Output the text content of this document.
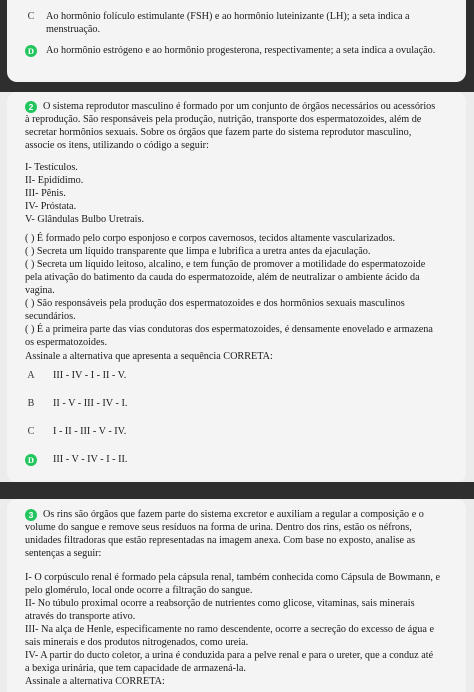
C Ao hormônio folículo estimulante (FSH) e ao hormônio luteinizante (LH); a seta indica a
menstruação.
D Ao hormônio estrógeno e ao hormônio progesterona, respectivamente; a seta indica a ovulação.
2 O sistema reprodutor masculino é formado por um conjunto de órgãos necessários ou acessórios
à reprodução. São responsáveis pela produção, nutrição, transporte dos espermatozoides, além de
secretar hormônios sexuais. Sobre os órgãos que fazem parte do sistema reprodutor masculino,
associe os itens, utilizando o código a seguir:
I- Testículos.
II- Epidídimo.
III- Pênis.
IV- Próstata.
V- Glândulas Bulbo Uretrais.
( ) É formado pelo corpo esponjoso e corpos cavernosos, tecidos altamente vascularizados.
( ) Secreta um líquido transparente que limpa e lubrifica a uretra antes da ejaculação.
( ) Secreta um líquido leitoso, alcalino, e tem função de promover a motilidade do espermatozoide
pela ativação do batimento da cauda do espermatozoide, além de neutralizar o ambiente ácido da
vagina.
( ) São responsáveis pela produção dos espermatozoides e dos hormônios sexuais masculinos
secundários.
( ) É a primeira parte das vias condutoras dos espermatozoides, é densamente enovelado e armazena
os espermatozoides.
Assinale a alternativa que apresenta a sequência CORRETA:
A III - IV - I - II - V.
B II - V - III - IV - I.
C I - II - III - V - IV.
D III - V - IV - I - II.
3 Os rins são órgãos que fazem parte do sistema excretor e auxiliam a regular a composição e o
volume do sangue e remove seus resíduos na forma de urina. Dentro dos rins, estão os néfrons,
unidades filtradoras que estão representadas na imagem anexa. Com base no exposto, analise as
sentenças a seguir:
I- O corpúsculo renal é formado pela cápsula renal, também conhecida como Cápsula de Bowmann, e
pelo glomérulo, local onde ocorre a filtração do sangue.
II- No túbulo proximal ocorre a reabsorção de nutrientes como glicose, vitaminas, sais minerais
através do transporte ativo.
III- Na alça de Henle, especificamente no ramo descendente, ocorre a secreção do excesso de água e
sais minerais e dos produtos nitrogenados, como ureia.
IV- A partir do ducto coletor, a urina é conduzida para a pelve renal e para o ureter, que a conduz até
a bexiga urinária, que tem capacidade de armazená-la.
Assinale a alternativa CORRETA:
